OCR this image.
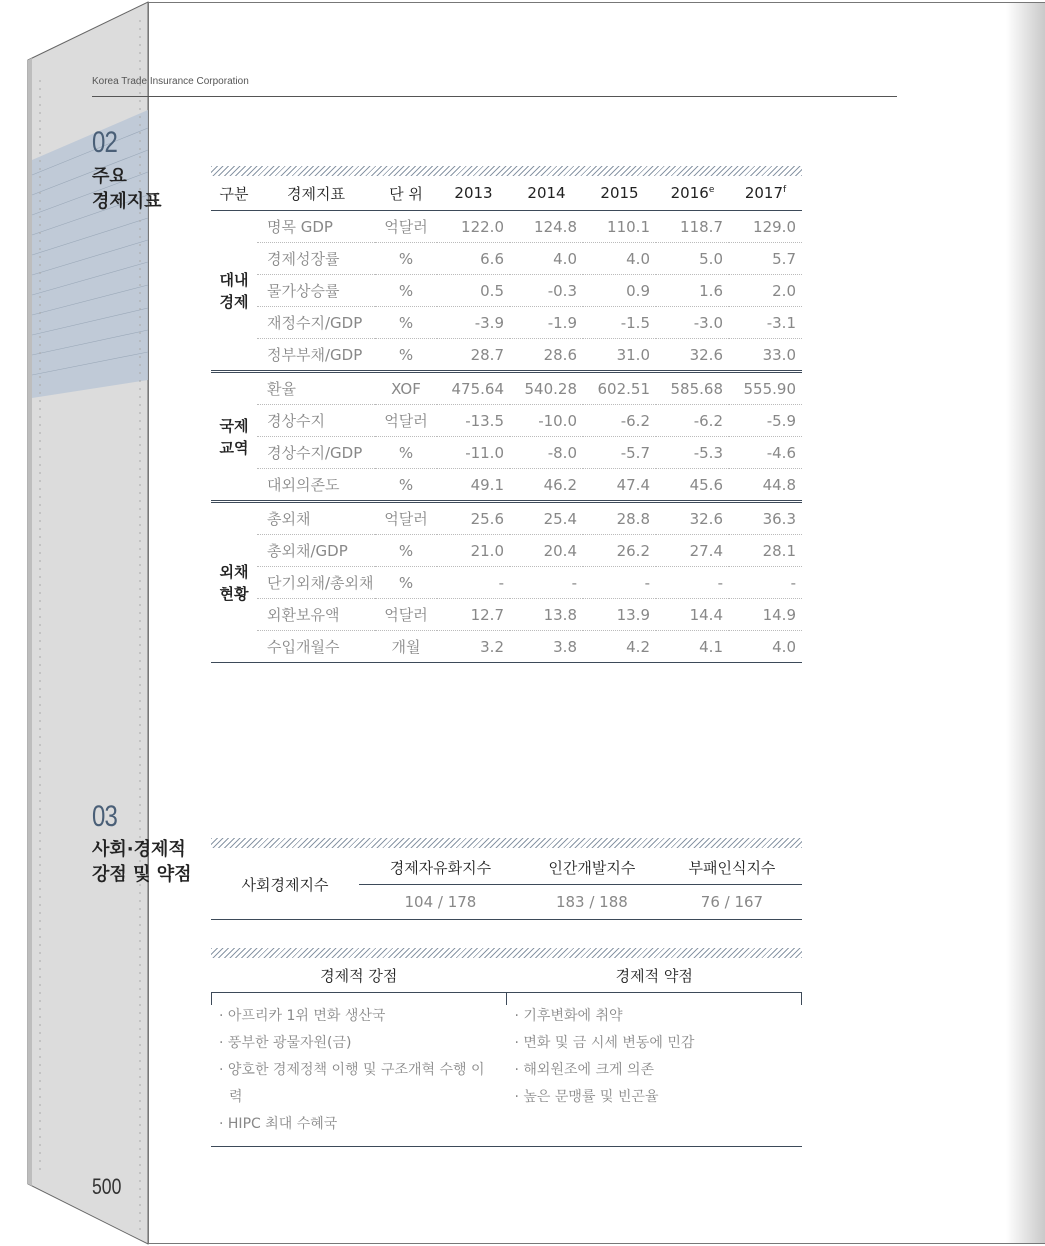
Korea Trade Insurance Corporation
02
주요
경제지표	구분	경제지표	단 위	2013	2014	2015	2016e	2017$^f$

대내
경제	명목 GDP	억달러	122.0	124.8	110.1	118.7	129.0
	경제성장률	%	6.6	4.0	4.0	5.0	5.7
	물가상승률	%	0.5	-0.3	0.9	1.6	2.0
	재정수지/GDP	%	-3.9	-1.9	-1.5	-3.0	-3.1
	정부부채/GDP	%	28.7	28.6	31.0	32.6	33.0

국제
교역	환율	XOF	475.64	540.28	602.51	585.68	555.90
	경상수지	억달러	-13.5	-10.0	-6.2	-6.2	-5.9
	경상수지/GDP	%	-11.0	-8.0	-5.7	-5.3	-4.6
	대외의존도	%	49.1	46.2	47.4	45.6	44.8

외채
현황	총외채	억달러	25.6	25.4	28.8	32.6	36.3
	총외채/GDP	%	21.0	20.4	26.2	27.4	28.1
	단기외채/총외채	%	-	-	-	-	-
	외환보유액	억달러	12.7	13.8	13.9	14.4	14.9
	수입개월수	개월	3.2	3.8	4.2	4.1	4.0
03
사회·경제적
강점 및 약점	사회경제지수	경제자유화지수	인간개발지수	부패인식지수
	104 / 178	183 / 188	76 / 167
경제적 강점	경제적 약점
· 아프리카 1위 면화 생산국
· 풍부한 광물자원(금)
· 양호한 경제정책 이행 및 구조개혁 수행 이력
· HIPC 최대 수혜국
· 기후변화에 취약
· 면화 및 금 시세 변동에 민감
· 해외원조에 크게 의존
· 높은 문맹률 및 빈곤율
500
